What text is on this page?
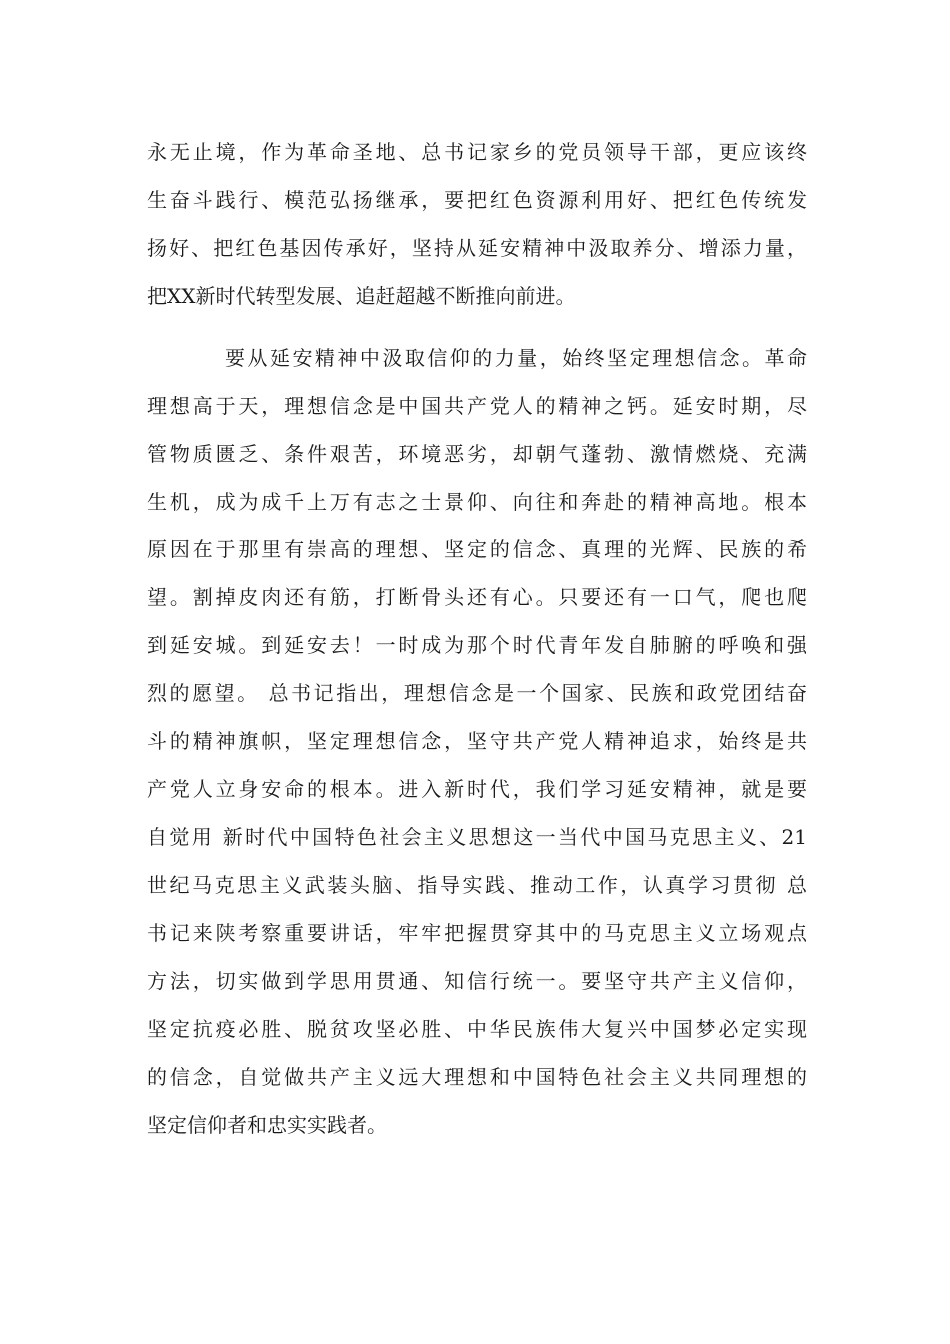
永无止境，作为革命圣地、总书记家乡的党员领导干部，更应该终

生奋斗践行、模范弘扬继承，要把红色资源利用好、把红色传统发

扬好、把红色基因传承好，坚持从延安精神中汲取养分、增添力量，

把XX新时代转型发展、追赶超越不断推向前进。

要从延安精神中汲取信仰的力量，始终坚定理想信念。革命

理想高于天，理想信念是中国共产党人的精神之钙。延安时期，尽

管物质匮乏、条件艰苦，环境恶劣，却朝气蓬勃、激情燃烧、充满

生机，成为成千上万有志之士景仰、向往和奔赴的精神高地。根本

原因在于那里有崇高的理想、坚定的信念、真理的光辉、民族的希

望。割掉皮肉还有筋，打断骨头还有心。只要还有一口气，爬也爬

到延安城。到延安去！一时成为那个时代青年发自肺腑的呼唤和强

烈的愿望。 总书记指出，理想信念是一个国家、民族和政党团结奋

斗的精神旗帜，坚定理想信念，坚守共产党人精神追求，始终是共

产党人立身安命的根本。进入新时代，我们学习延安精神，就是要

自觉用 新时代中国特色社会主义思想这一当代中国马克思主义、21

世纪马克思主义武装头脑、指导实践、推动工作，认真学习贯彻 总

书记来陕考察重要讲话，牢牢把握贯穿其中的马克思主义立场观点

方法，切实做到学思用贯通、知信行统一。要坚守共产主义信仰，

坚定抗疫必胜、脱贫攻坚必胜、中华民族伟大复兴中国梦必定实现

的信念，自觉做共产主义远大理想和中国特色社会主义共同理想的

坚定信仰者和忠实实践者。
